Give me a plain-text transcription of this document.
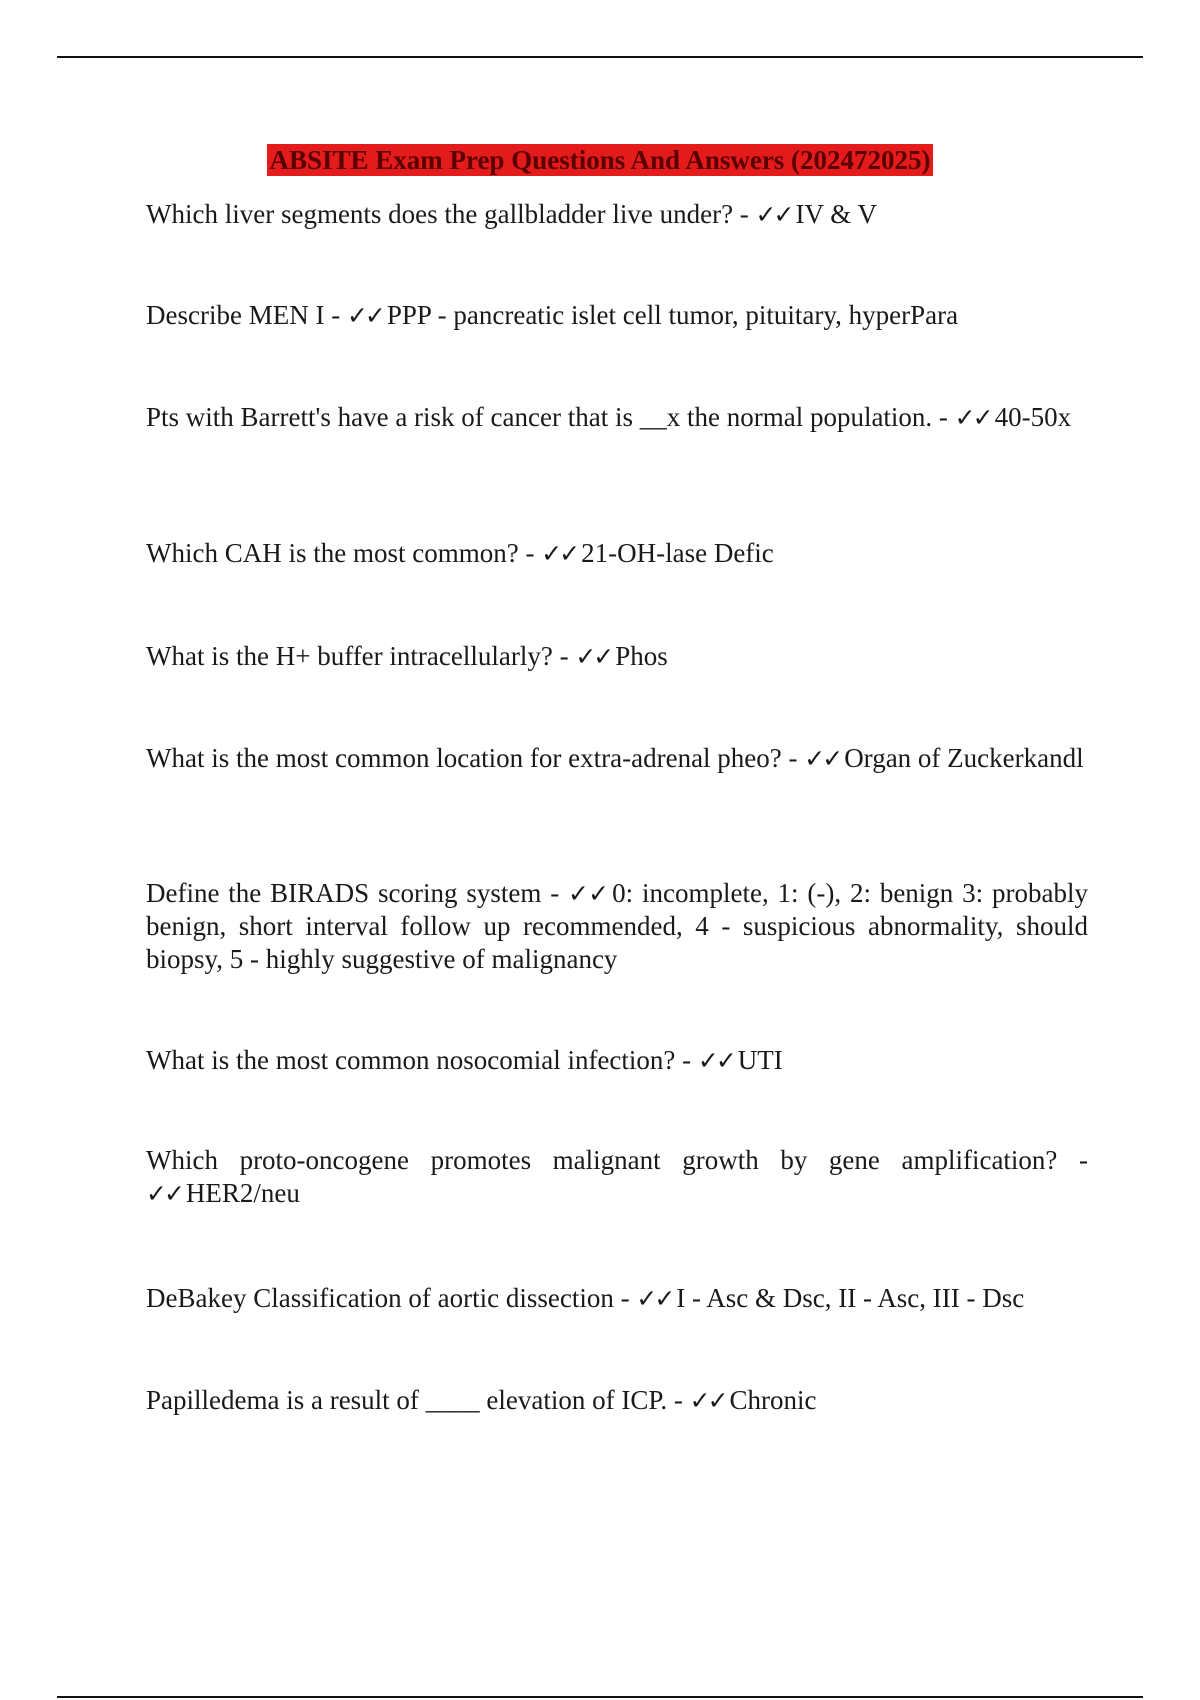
ABSITE Exam Prep Questions And Answers (202472025)

Which liver segments does the gallbladder live under? - ✓✓ IV & V

Describe MEN I - ✓✓ PPP - pancreatic islet cell tumor, pituitary, hyperPara

Pts with Barrett's have a risk of cancer that is __x the normal population. - ✓✓ 40-50x

Which CAH is the most common? - ✓✓ 21-OH-lase Defic

What is the H+ buffer intracellularly? - ✓✓ Phos

What is the most common location for extra-adrenal pheo? - ✓✓ Organ of Zuckerkandl

Define the BIRADS scoring system - ✓✓ 0: incomplete, 1: (-), 2: benign 3: probably benign, short interval follow up recommended, 4 - suspicious abnormality, should biopsy, 5 - highly suggestive of malignancy

What is the most common nosocomial infection? - ✓✓ UTI

Which proto-oncogene promotes malignant growth by gene amplification? - ✓✓ HER2/neu

DeBakey Classification of aortic dissection - ✓✓ I - Asc & Dsc, II - Asc, III - Dsc

Papilledema is a result of ____ elevation of ICP. - ✓✓ Chronic
